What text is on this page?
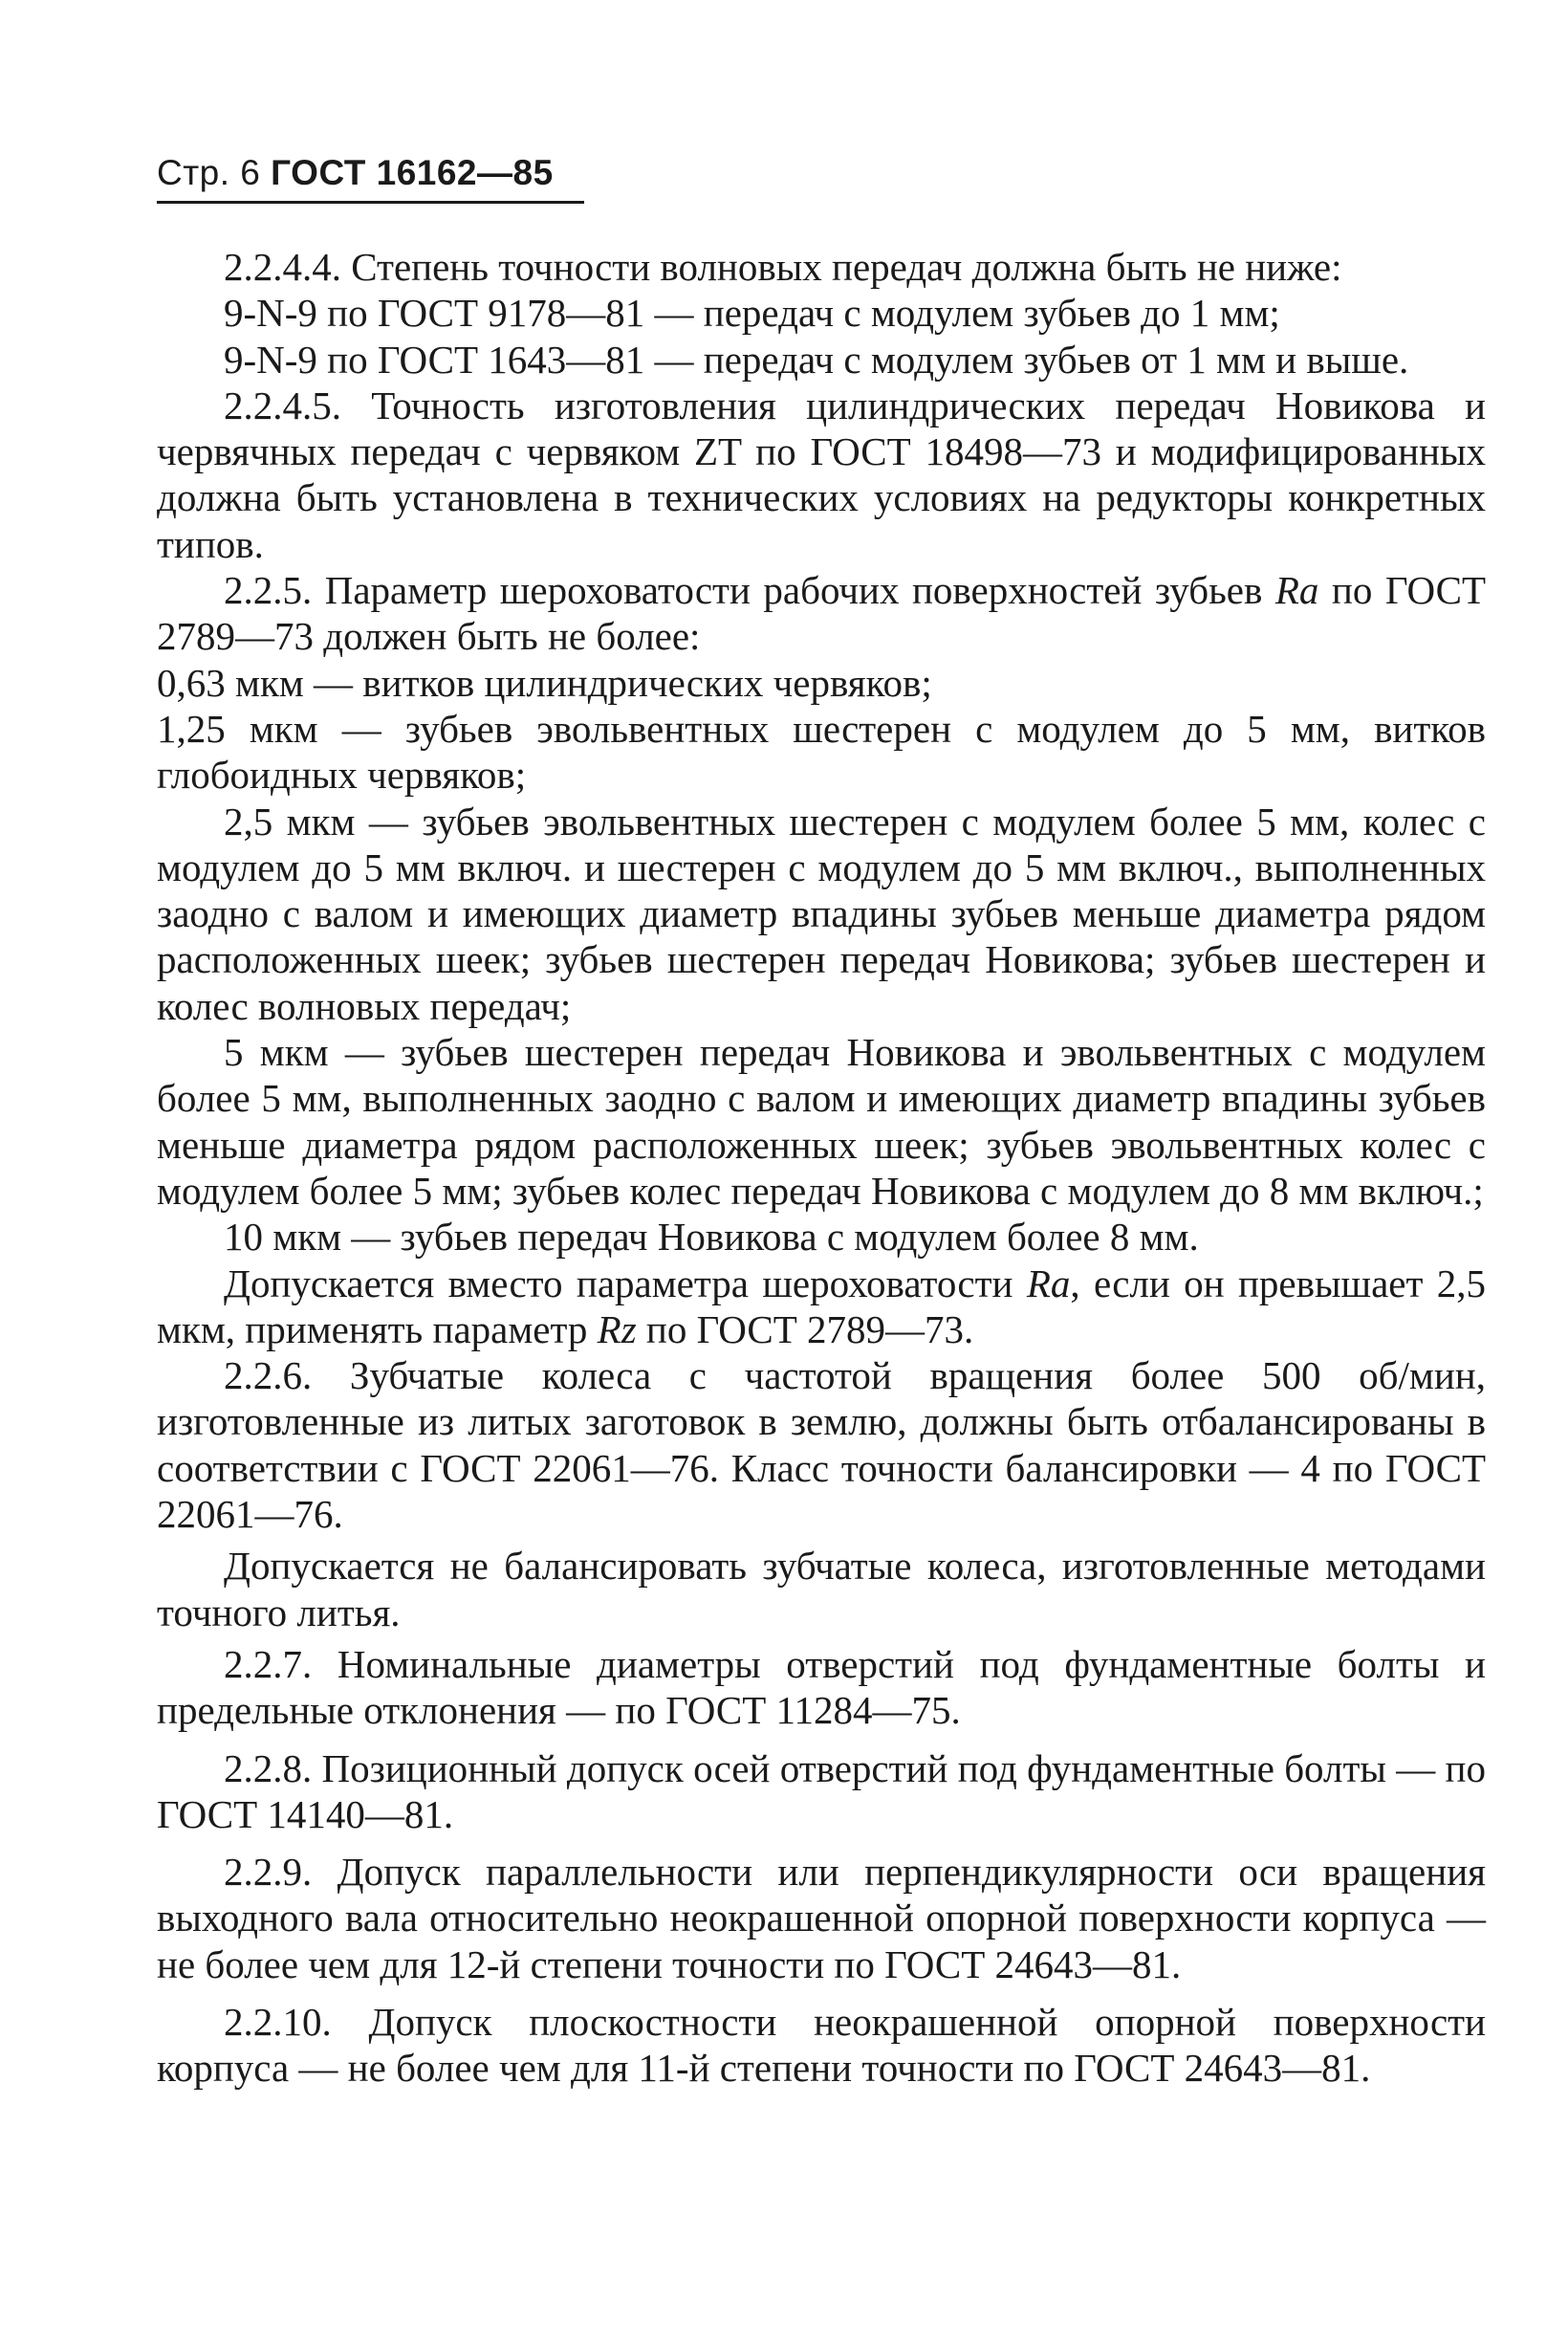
Стр. 6 ГОСТ 16162—85

2.2.4.4. Степень точности волновых передач должна быть не ниже:

9-N-9 по ГОСТ 9178—81 — передач с модулем зубьев до 1 мм;

9-N-9 по ГОСТ 1643—81 — передач с модулем зубьев от 1 мм и выше.

2.2.4.5. Точность изготовления цилиндрических передач Новикова и червячных передач с червяком ZT по ГОСТ 18498—73 и модифицированных должна быть установлена в технических условиях на редукторы конкретных типов.

2.2.5. Параметр шероховатости рабочих поверхностей зубьев Ra по ГОСТ 2789—73 должен быть не более:

0,63 мкм — витков цилиндрических червяков;

1,25 мкм — зубьев эвольвентных шестерен с модулем до 5 мм, витков глобоидных червяков;

2,5 мкм — зубьев эвольвентных шестерен с модулем более 5 мм, колес с модулем до 5 мм включ. и шестерен с модулем до 5 мм включ., выполненных заодно с валом и имеющих диаметр впадины зубьев меньше диаметра рядом расположенных шеек; зубьев шестерен передач Новикова; зубьев шестерен и колес волновых передач;

5 мкм — зубьев шестерен передач Новикова и эвольвентных с модулем более 5 мм, выполненных заодно с валом и имеющих диаметр впадины зубьев меньше диаметра рядом расположенных шеек; зубьев эвольвентных колес с модулем более 5 мм; зубьев колес передач Новикова с модулем до 8 мм включ.;

10 мкм — зубьев передач Новикова с модулем более 8 мм.

Допускается вместо параметра шероховатости Ra, если он превышает 2,5 мкм, применять параметр Rz по ГОСТ 2789—73.

2.2.6. Зубчатые колеса с частотой вращения более 500 об/мин, изготовленные из литых заготовок в землю, должны быть отбалансированы в соответствии с ГОСТ 22061—76. Класс точности балансировки — 4 по ГОСТ 22061—76.

Допускается не балансировать зубчатые колеса, изготовленные методами точного литья.

2.2.7. Номинальные диаметры отверстий под фундаментные болты и предельные отклонения — по ГОСТ 11284—75.

2.2.8. Позиционный допуск осей отверстий под фундаментные болты — по ГОСТ 14140—81.

2.2.9. Допуск параллельности или перпендикулярности оси вращения выходного вала относительно неокрашенной опорной поверхности корпуса — не более чем для 12-й степени точности по ГОСТ 24643—81.

2.2.10. Допуск плоскостности неокрашенной опорной поверхности корпуса — не более чем для 11-й степени точности по ГОСТ 24643—81.
